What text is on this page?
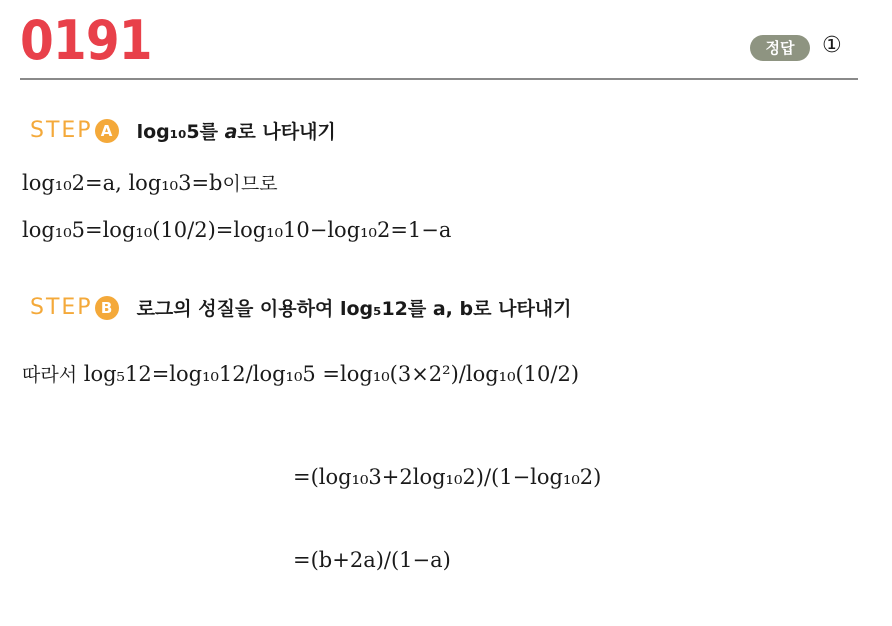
0191	정답	①
STEP A	log₁₀5를 a로 나타내기
log₁₀2=a, log₁₀3=b이므로
log₁₀5=log₁₀(10/2)=log₁₀10−log₁₀2=1−a
STEP B	로그의 성질을 이용하여 log₅12를 a, b로 나타내기
따라서 log₅12=log₁₀12/log₁₀5 =log₁₀(3×2²)/log₁₀(10/2)
=(log₁₀3+2log₁₀2)/(1−log₁₀2)
=(b+2a)/(1−a)
